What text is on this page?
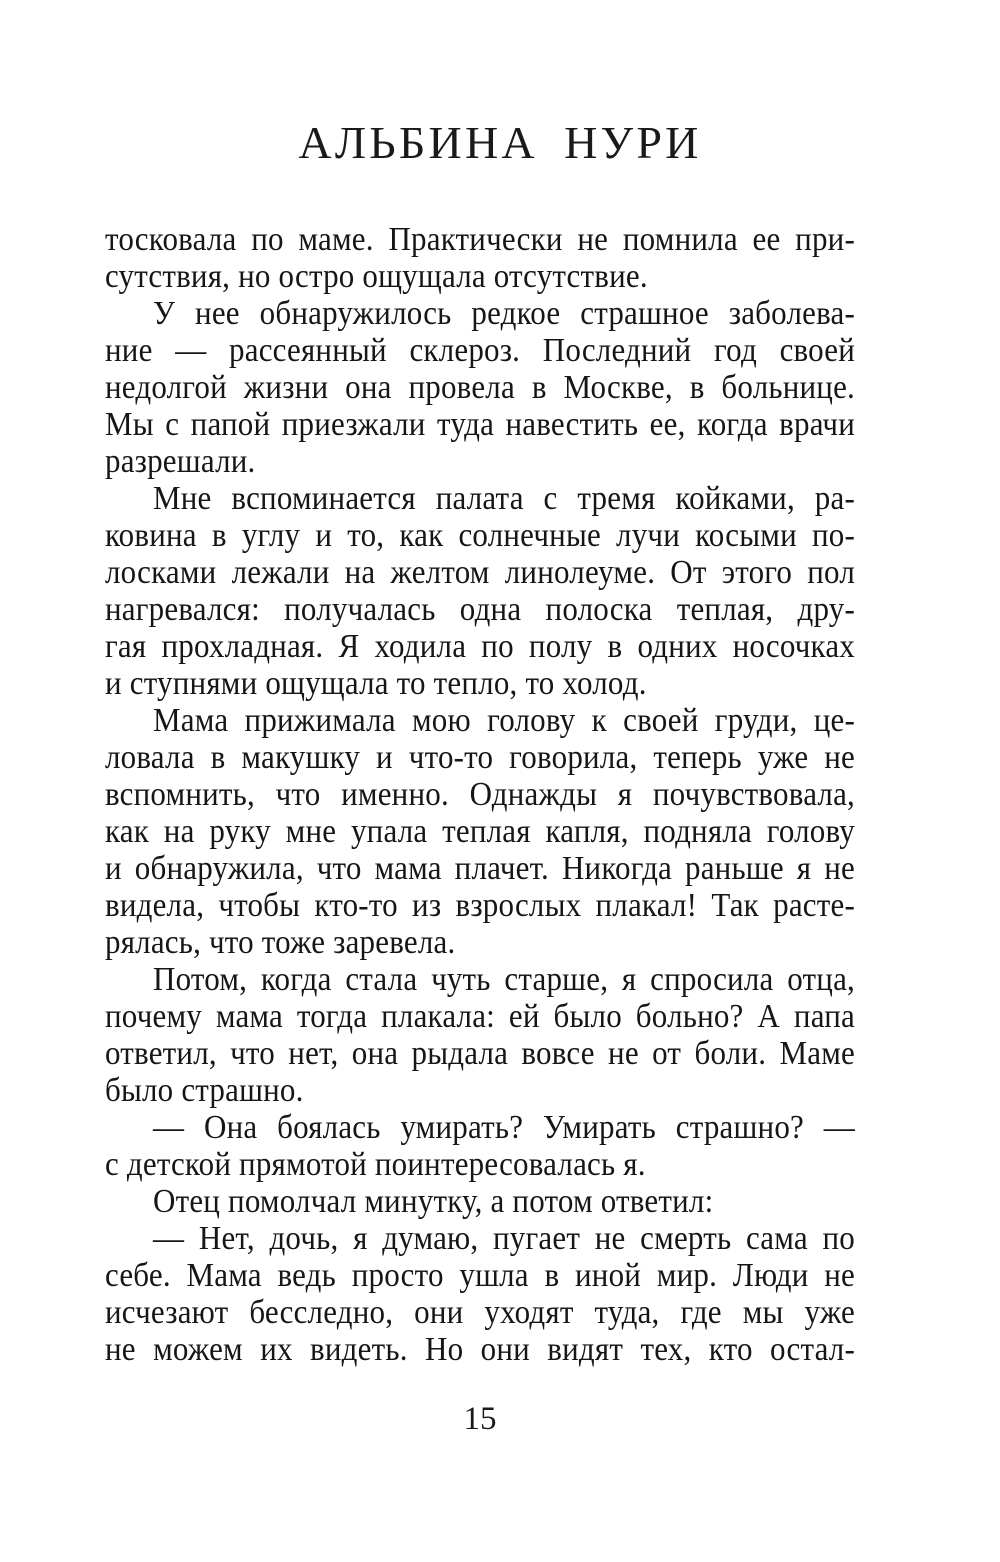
АЛЬБИНА НУРИ
тосковала по маме. Практически не помнила ее при-
сутствия, но остро ощущала отсутствие.
У нее обнаружилось редкое страшное заболева-
ние — рассеянный склероз. Последний год своей
недолгой жизни она провела в Москве, в больнице.
Мы с папой приезжали туда навестить ее, когда врачи
разрешали.
Мне вспоминается палата с тремя койками, ра-
ковина в углу и то, как солнечные лучи косыми по-
лосками лежали на желтом линолеуме. От этого пол
нагревался: получалась одна полоска теплая, дру-
гая прохладная. Я ходила по полу в одних носочках
и ступнями ощущала то тепло, то холод.
Мама прижимала мою голову к своей груди, це-
ловала в макушку и что-то говорила, теперь уже не
вспомнить, что именно. Однажды я почувствовала,
как на руку мне упала теплая капля, подняла голову
и обнаружила, что мама плачет. Никогда раньше я не
видела, чтобы кто-то из взрослых плакал! Так расте-
рялась, что тоже заревела.
Потом, когда стала чуть старше, я спросила отца,
почему мама тогда плакала: ей было больно? А папа
ответил, что нет, она рыдала вовсе не от боли. Маме
было страшно.
— Она боялась умирать? Умирать страшно? —
с детской прямотой поинтересовалась я.
Отец помолчал минутку, а потом ответил:
— Нет, дочь, я думаю, пугает не смерть сама по
себе. Мама ведь просто ушла в иной мир. Люди не
исчезают бесследно, они уходят туда, где мы уже
не можем их видеть. Но они видят тех, кто остал-
15
